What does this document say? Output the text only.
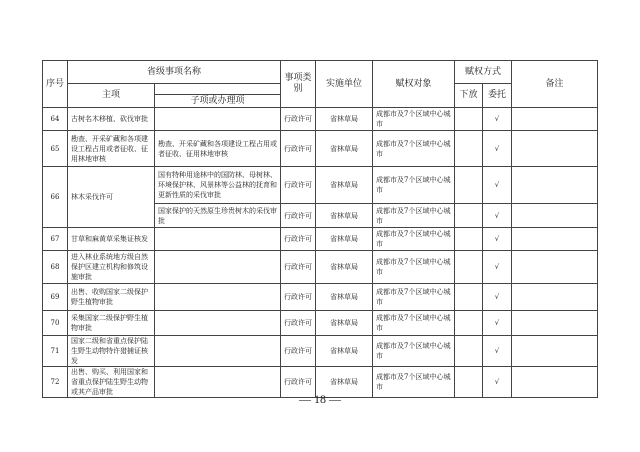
序号	省级事项名称		事项类别	实施单位	赋权对象	赋权方式		备注
	主项					下放	委托	
		子项或办理项						
64	古树名木移植、砍伐审批		行政许可	省林草局	成都市及7个区域中心城市		√	
65	勘查、开采矿藏和各项建设工程占用或者征收、征用林地审核	勘查、开采矿藏和各项建设工程占用或者征收、征用林地审核	行政许可	省林草局	成都市及7个区域中心城市		√	
66	林木采伐许可	国有特种用途林中的国防林、母树林、环境保护林、风景林等公益林的抚育和更新性质的采伐审批	行政许可	省林草局	成都市及7个区域中心城市		√	
		国家保护的天然原生珍贵树木的采伐审批	行政许可	省林草局	成都市及7个区域中心城市		√	
67	甘草和麻黄草采集证核发		行政许可	省林草局	成都市及7个区域中心城市		√	
68	进入林业系统地方级自然保护区建立机构和修筑设施审批		行政许可	省林草局	成都市及7个区域中心城市		√	
69	出售、收购国家二级保护野生植物审批		行政许可	省林草局	成都市及7个区域中心城市		√	
70	采集国家二级保护野生植物审批		行政许可	省林草局	成都市及7个区域中心城市		√	
71	国家二级和省重点保护陆生野生动物特许猎捕证核发		行政许可	省林草局	成都市及7个区域中心城市		√	
72	出售、购买、利用国家和省重点保护陆生野生动物或其产品审批		行政许可	省林草局	成都市及7个区域中心城市		√	
— 18 —
